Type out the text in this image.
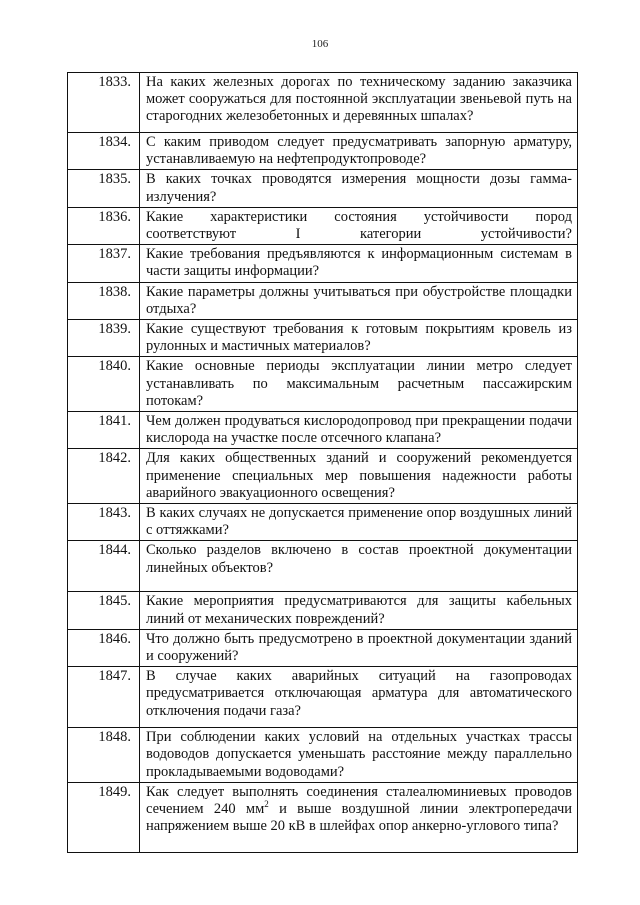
106
1833.	На каких железных дорогах по техническому заданию заказчика может сооружаться для постоянной эксплуатации звеньевой путь на старогодних железобетонных и деревянных шпалах?
1834.	С каким приводом следует предусматривать запорную арматуру, устанавливаемую на нефтепродуктопроводе?
1835.	В каких точках проводятся измерения мощности дозы гамма-излучения?
1836.	Какие характеристики состояния устойчивости пород соответствуют I категории устойчивости?
1837.	Какие требования предъявляются к информационным системам в части защиты информации?
1838.	Какие параметры должны учитываться при обустройстве площадки отдыха?
1839.	Какие существуют требования к готовым покрытиям кровель из рулонных и мастичных материалов?
1840.	Какие основные периоды эксплуатации линии метро следует устанавливать по максимальным расчетным пассажирским потокам?
1841.	Чем должен продуваться кислородопровод при прекращении подачи кислорода на участке после отсечного клапана?
1842.	Для каких общественных зданий и сооружений рекомендуется применение специальных мер повышения надежности работы аварийного эвакуационного освещения?
1843.	В каких случаях не допускается применение опор воздушных линий с оттяжками?
1844.	Сколько разделов включено в состав проектной документации линейных объектов?
1845.	Какие мероприятия предусматриваются для защиты кабельных линий от механических повреждений?
1846.	Что должно быть предусмотрено в проектной документации зданий и сооружений?
1847.	В случае каких аварийных ситуаций на газопроводах предусматривается отключающая арматура для автоматического отключения подачи газа?
1848.	При соблюдении каких условий на отдельных участках трассы водоводов допускается уменьшать расстояние между параллельно прокладываемыми водоводами?
1849.	Как следует выполнять соединения сталеалюминиевых проводов сечением 240 $мм^2$ и выше воздушной линии электропередачи напряжением выше 20 кВ в шлейфах опор анкерно-углового типа?
